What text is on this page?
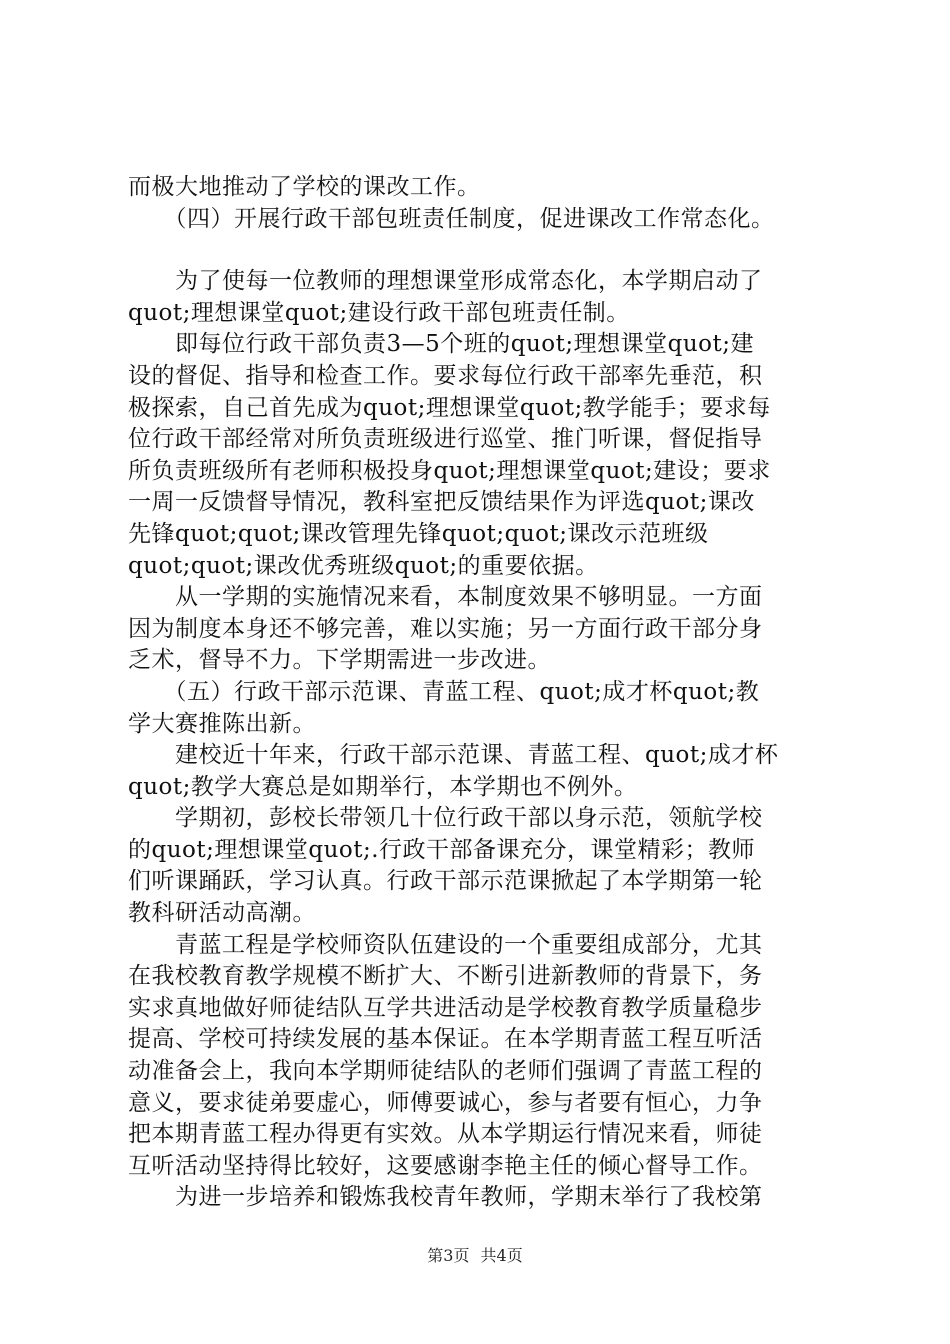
而极大地推动了学校的课改工作。
　　（四）开展行政干部包班责任制度，促进课改工作常态化。
　　为了使每一位教师的理想课堂形成常态化，本学期启动了
quot;理想课堂quot;建设行政干部包班责任制。
　　即每位行政干部负责3—5个班的quot;理想课堂quot;建
设的督促、指导和检查工作。要求每位行政干部率先垂范，积
极探索，自己首先成为quot;理想课堂quot;教学能手；要求每
位行政干部经常对所负责班级进行巡堂、推门听课，督促指导
所负责班级所有老师积极投身quot;理想课堂quot;建设；要求
一周一反馈督导情况，教科室把反馈结果作为评选quot;课改
先锋quot;quot;课改管理先锋quot;quot;课改示范班级
quot;quot;课改优秀班级quot;的重要依据。
　　从一学期的实施情况来看，本制度效果不够明显。一方面
因为制度本身还不够完善，难以实施；另一方面行政干部分身
乏术，督导不力。下学期需进一步改进。
　　（五）行政干部示范课、青蓝工程、quot;成才杯quot;教
学大赛推陈出新。
　　建校近十年来，行政干部示范课、青蓝工程、quot;成才杯
quot;教学大赛总是如期举行，本学期也不例外。
　　学期初，彭校长带领几十位行政干部以身示范，领航学校
的quot;理想课堂quot;.行政干部备课充分，课堂精彩；教师
们听课踊跃，学习认真。行政干部示范课掀起了本学期第一轮
教科研活动高潮。
　　青蓝工程是学校师资队伍建设的一个重要组成部分，尤其
在我校教育教学规模不断扩大、不断引进新教师的背景下，务
实求真地做好师徒结队互学共进活动是学校教育教学质量稳步
提高、学校可持续发展的基本保证。在本学期青蓝工程互听活
动准备会上，我向本学期师徒结队的老师们强调了青蓝工程的
意义，要求徒弟要虚心，师傅要诚心，参与者要有恒心，力争
把本期青蓝工程办得更有实效。从本学期运行情况来看，师徒
互听活动坚持得比较好，这要感谢李艳主任的倾心督导工作。
　　为进一步培养和锻炼我校青年教师，学期末举行了我校第
第3页 共4页
